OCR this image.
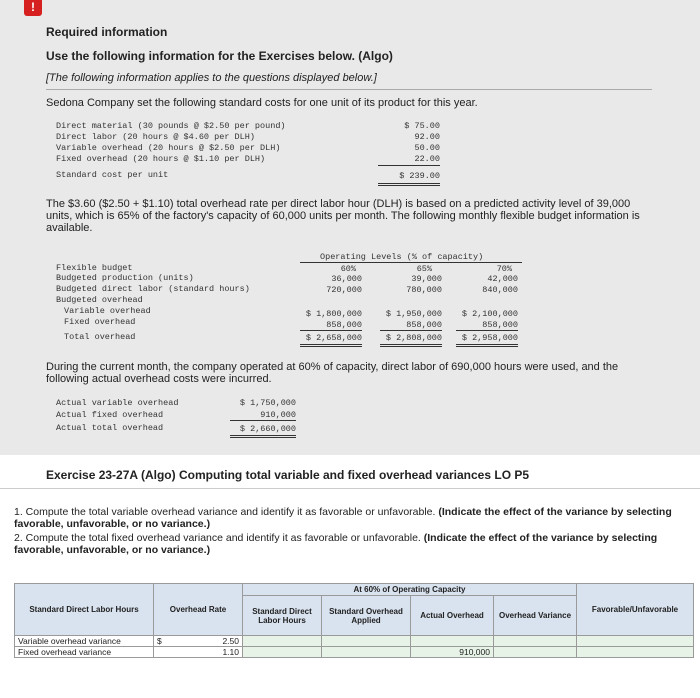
!
Required information
Use the following information for the Exercises below. (Algo)
[The following information applies to the questions displayed below.]
Sedona Company set the following standard costs for one unit of its product for this year.
Direct material (30 pounds @ $2.50 per pound)	$ 75.00
Direct labor (20 hours @ $4.60 per DLH)	92.00
Variable overhead (20 hours @ $2.50 per DLH)	50.00
Fixed overhead (20 hours @ $1.10 per DLH)	22.00
Standard cost per unit	$ 239.00
The $3.60 ($2.50 + $1.10) total overhead rate per direct labor hour (DLH) is based on a predicted activity level of 39,000 units, which is 65% of the factory's capacity of 60,000 units per month. The following monthly flexible budget information is available.
Operating Levels (% of capacity)
60%	65%	70%
Flexible budget
Budgeted production (units)	36,000	39,000	42,000
Budgeted direct labor (standard hours)	720,000	780,000	840,000
Budgeted overhead
Variable overhead	$ 1,800,000	$ 1,950,000	$ 2,100,000
Fixed overhead	858,000	858,000	858,000
Total overhead	$ 2,658,000	$ 2,808,000	$ 2,958,000
During the current month, the company operated at 60% of capacity, direct labor of 690,000 hours were used, and the following actual overhead costs were incurred.
Actual variable overhead	$ 1,750,000
Actual fixed overhead	910,000
Actual total overhead	$ 2,660,000
Exercise 23-27A (Algo) Computing total variable and fixed overhead variances LO P5
1. Compute the total variable overhead variance and identify it as favorable or unfavorable. (Indicate the effect of the variance by selecting favorable, unfavorable, or no variance.)
2. Compute the total fixed overhead variance and identify it as favorable or unfavorable. (Indicate the effect of the variance by selecting favorable, unfavorable, or no variance.)
Standard Direct Labor Hours	Overhead Rate		At 60% of Operating Capacity				Favorable/Unfavorable
			Standard Direct Labor Hours	Standard Overhead Applied	Actual Overhead	Overhead Variance	

Variable overhead variance	$	2.50					
Fixed overhead variance		1.10			910,000		
